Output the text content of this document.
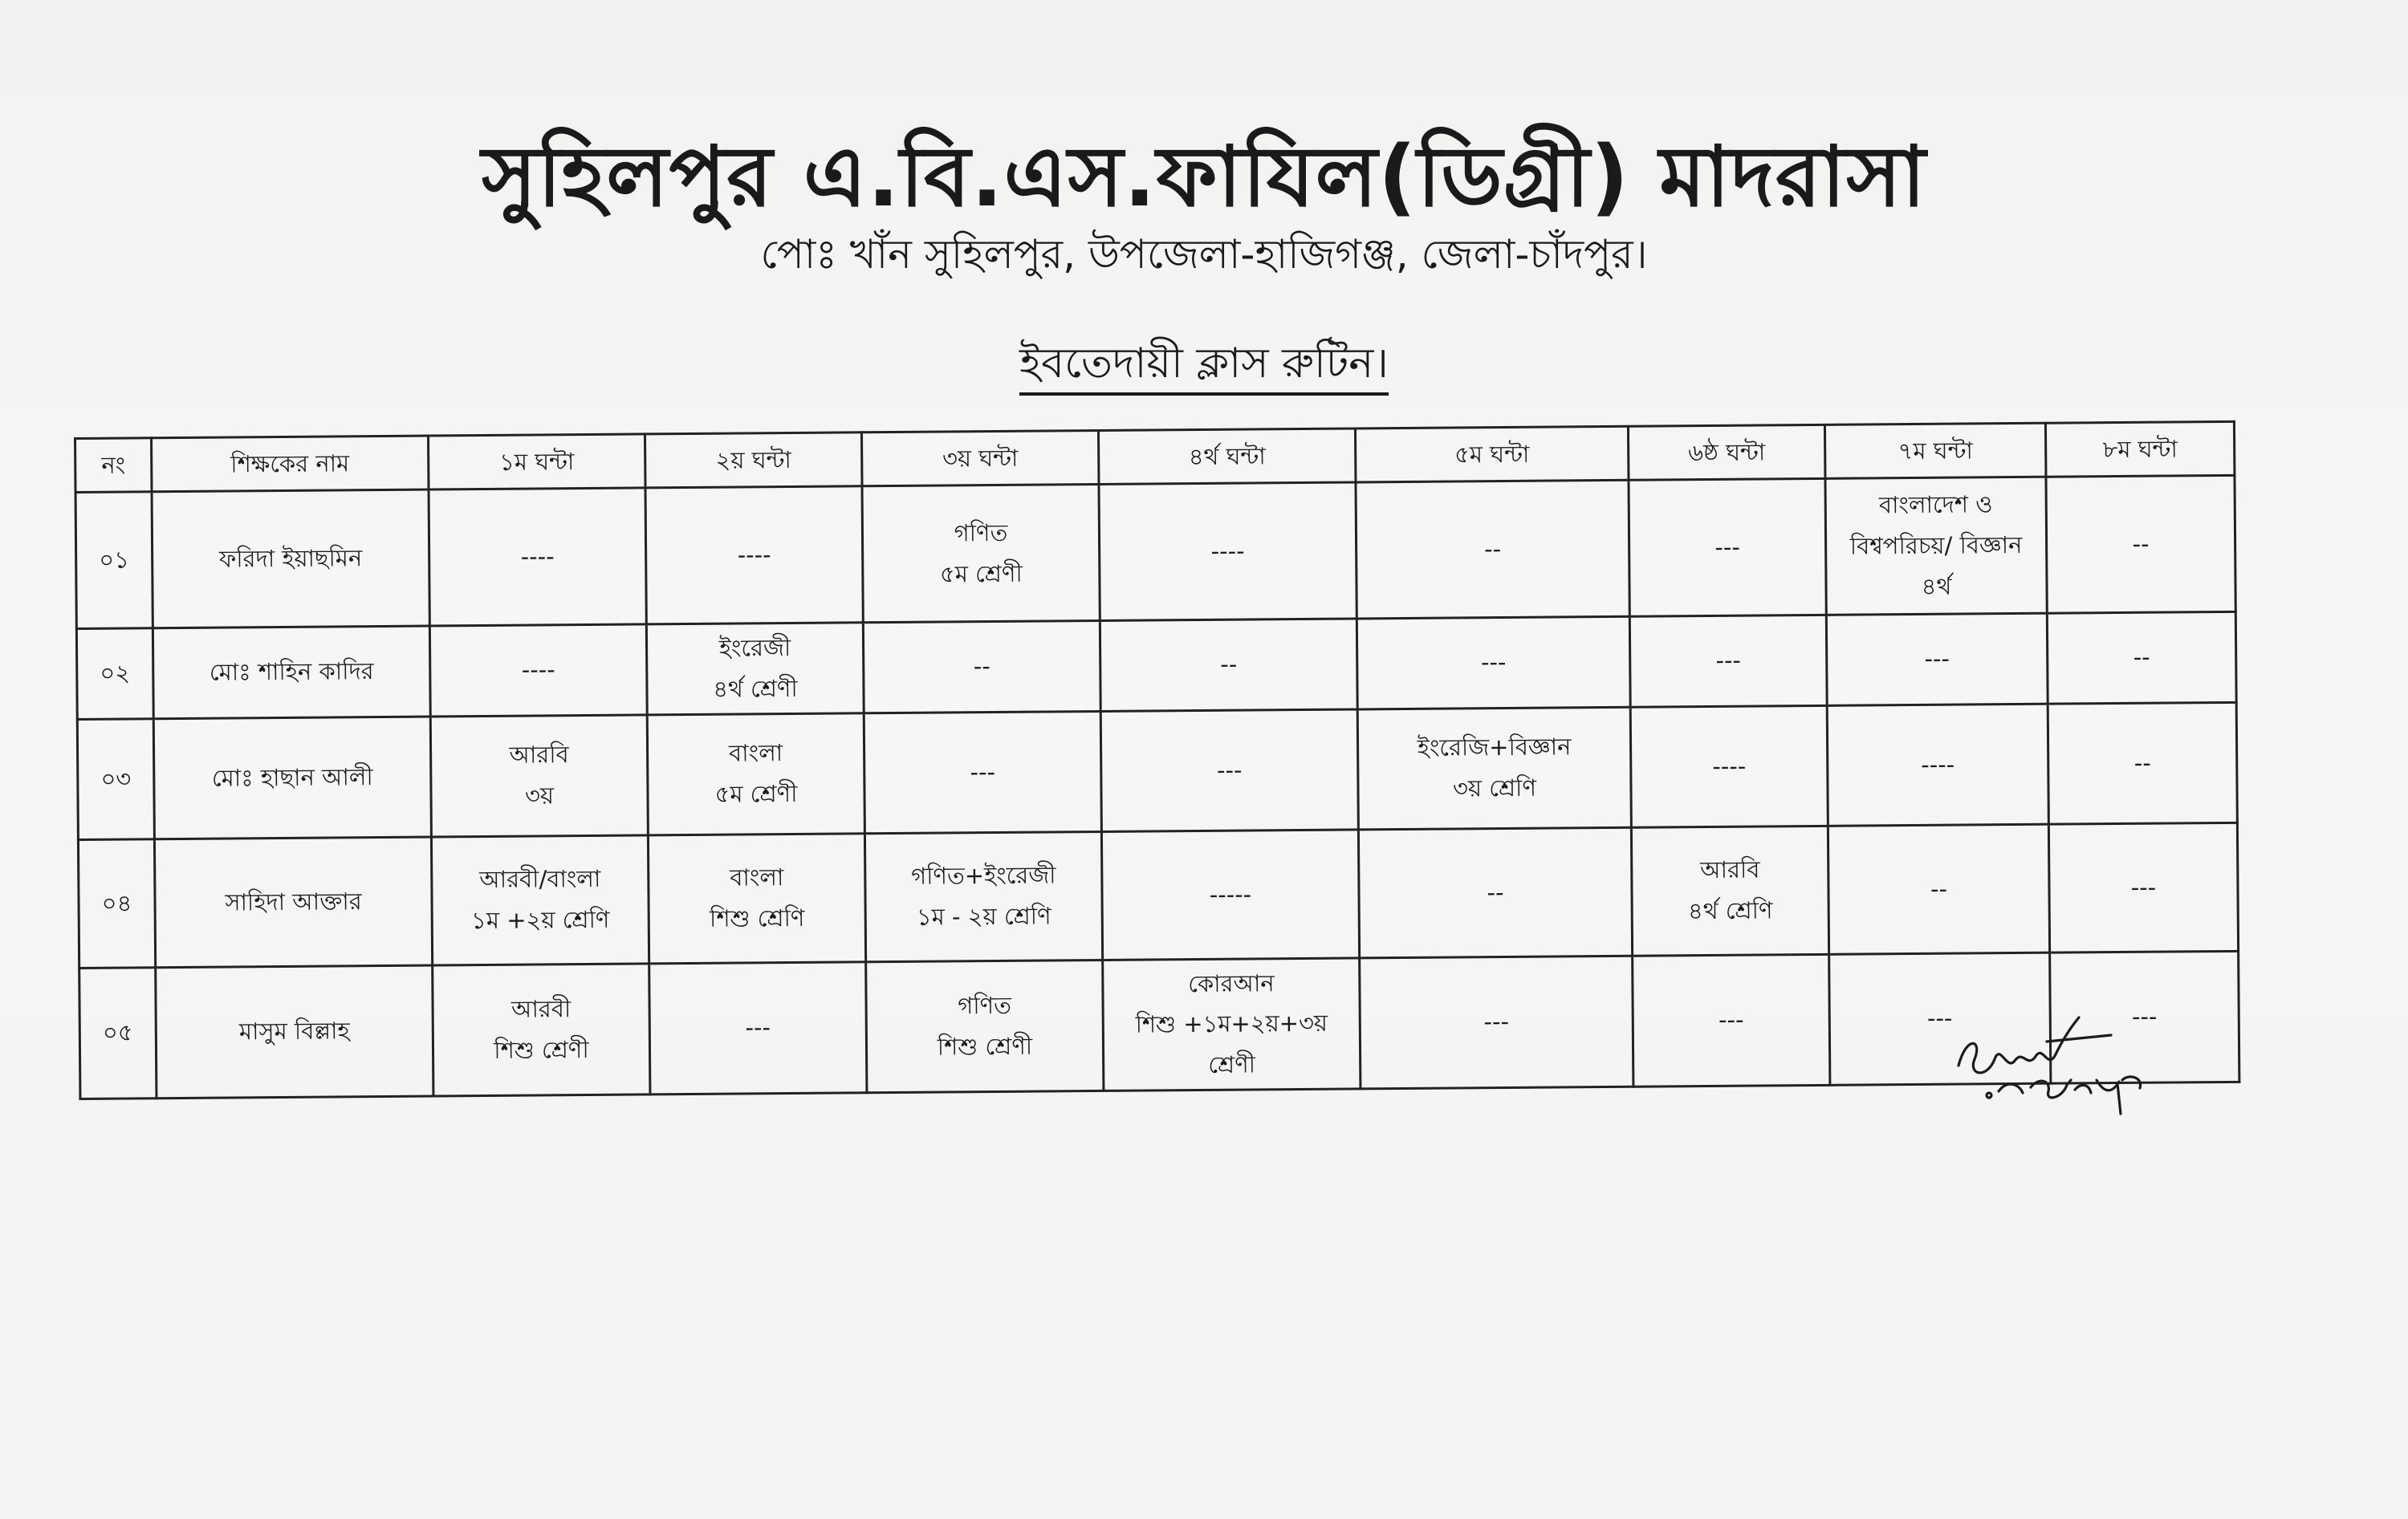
সুহিলপুর এ.বি.এস.ফাযিল(ডিগ্রী) মাদরাসা
পোঃ খাঁন সুহিলপুর, উপজেলা-হাজিগঞ্জ, জেলা-চাঁদপুর।
ইবতেদায়ী ক্লাস রুটিন।
নং	শিক্ষকের নাম	১ম ঘন্টা	২য় ঘন্টা	৩য় ঘন্টা	৪র্থ ঘন্টা	৫ম ঘন্টা	৬ষ্ঠ ঘন্টা	৭ম ঘন্টা	৮ম ঘন্টা
০১	ফরিদা ইয়াছমিন	----	----	গণিত
৫ম শ্রেণী	----	--	---	বাংলাদেশ ও
বিশ্বপরিচয়/ বিজ্ঞান
৪র্থ	--

০২	মোঃ শাহিন কাদির	----	ইংরেজী
৪র্থ শ্রেণী	--	--	---	---	---	--

০৩	মোঃ হাছান আলী	আরবি
৩য়	বাংলা
৫ম শ্রেণী	---	---	ইংরেজি+বিজ্ঞান
৩য় শ্রেণি	----	----	--

০৪	সাহিদা আক্তার	আরবী/বাংলা
১ম +২য় শ্রেণি	বাংলা
শিশু শ্রেণি	গণিত+ইংরেজী
১ম - ২য় শ্রেণি	-----	--	আরবি
৪র্থ শ্রেণি	--	---

০৫	মাসুম বিল্লাহ	আরবী
শিশু শ্রেণী	---	গণিত
শিশু শ্রেণী	কোরআন
শিশু +১ম+২য়+৩য় শ্রেণী	---	---	---	---
